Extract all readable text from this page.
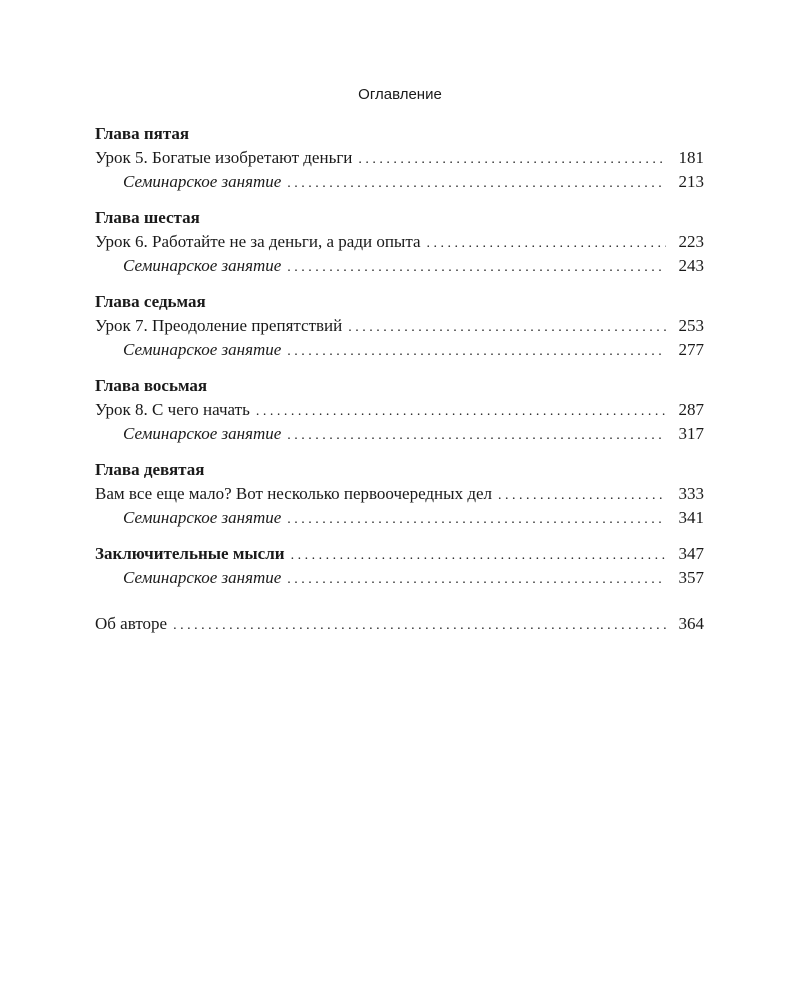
Оглавление
Глава пятая
Урок 5. Богатые изобретают деньги . . .	181
Семинарское занятие . . .	213
Глава шестая
Урок 6. Работайте не за деньги, а ради опыта . . .	223
Семинарское занятие . . .	243
Глава седьмая
Урок 7. Преодоление препятствий . . .	253
Семинарское занятие . . .	277
Глава восьмая
Урок 8. С чего начать . . .	287
Семинарское занятие . . .	317
Глава девятая
Вам все еще мало? Вот несколько первоочередных дел . . .	333
Семинарское занятие . . .	341
Заключительные мысли . . .	347
Семинарское занятие . . .	357
Об авторе . . .	364
